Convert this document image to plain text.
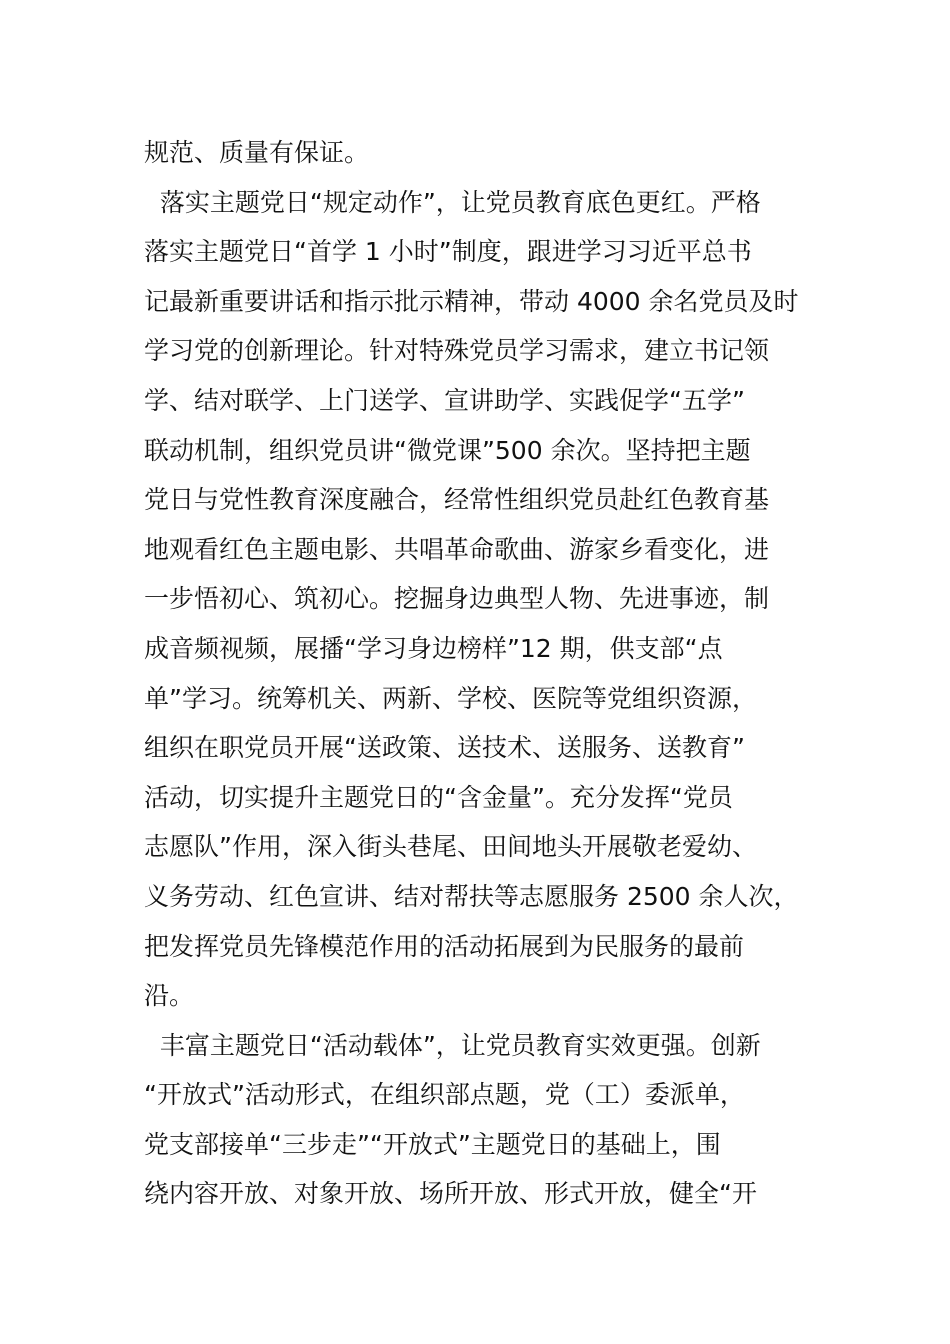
规范、质量有保证。
落实主题党日“规定动作”，让党员教育底色更红。严格
落实主题党日“首学 1 小时”制度，跟进学习习近平总书
记最新重要讲话和指示批示精神，带动 4000 余名党员及时
学习党的创新理论。针对特殊党员学习需求，建立书记领
学、结对联学、上门送学、宣讲助学、实践促学“五学”
联动机制，组织党员讲“微党课”500 余次。坚持把主题
党日与党性教育深度融合，经常性组织党员赴红色教育基
地观看红色主题电影、共唱革命歌曲、游家乡看变化，进
一步悟初心、筑初心。挖掘身边典型人物、先进事迹，制
成音频视频，展播“学习身边榜样”12 期，供支部“点
单”学习。统筹机关、两新、学校、医院等党组织资源，
组织在职党员开展“送政策、送技术、送服务、送教育”
活动，切实提升主题党日的“含金量”。充分发挥“党员
志愿队”作用，深入街头巷尾、田间地头开展敬老爱幼、
义务劳动、红色宣讲、结对帮扶等志愿服务 2500 余人次，
把发挥党员先锋模范作用的活动拓展到为民服务的最前
沿。
丰富主题党日“活动载体”，让党员教育实效更强。创新
“开放式”活动形式，在组织部点题，党（工）委派单，
党支部接单“三步走”“开放式”主题党日的基础上，围
绕内容开放、对象开放、场所开放、形式开放，健全“开
